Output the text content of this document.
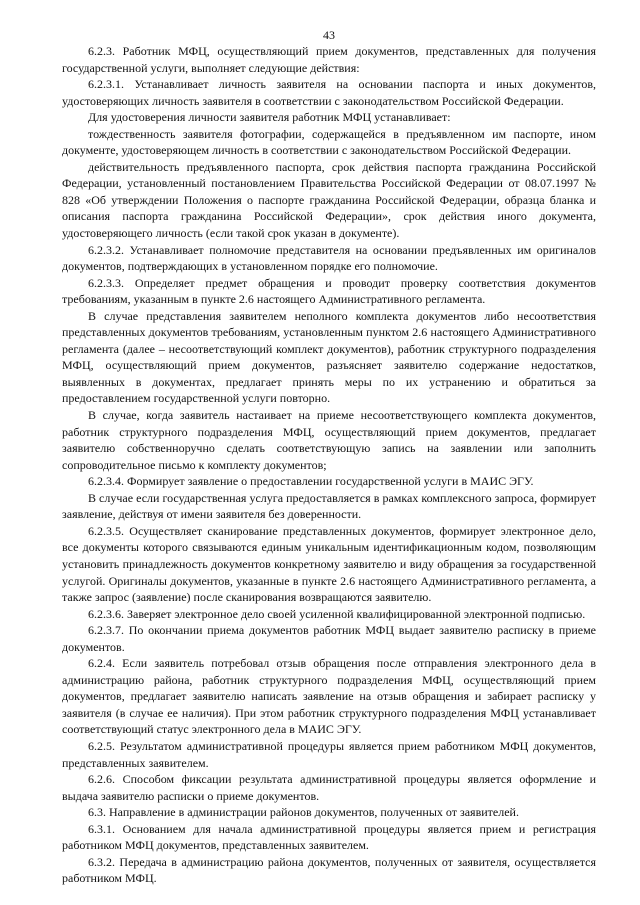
43

6.2.3. Работник МФЦ, осуществляющий прием документов, представленных для получения государственной услуги, выполняет следующие действия:

6.2.3.1. Устанавливает личность заявителя на основании паспорта и иных документов, удостоверяющих личность заявителя в соответствии с законодательством Российской Федерации.

Для удостоверения личности заявителя работник МФЦ устанавливает:

тождественность заявителя фотографии, содержащейся в предъявленном им паспорте, ином документе, удостоверяющем личность в соответствии с законодательством Российской Федерации.

действительность предъявленного паспорта, срок действия паспорта гражданина Российской Федерации, установленный постановлением Правительства Российской Федерации от 08.07.1997 № 828 «Об утверждении Положения о паспорте гражданина Российской Федерации, образца бланка и описания паспорта гражданина Российской Федерации», срок действия иного документа, удостоверяющего личность (если такой срок указан в документе).

6.2.3.2. Устанавливает полномочие представителя на основании предъявленных им оригиналов документов, подтверждающих в установленном порядке его полномочие.

6.2.3.3. Определяет предмет обращения и проводит проверку соответствия документов требованиям, указанным в пункте 2.6 настоящего Административного регламента.

В случае представления заявителем неполного комплекта документов либо несоответствия представленных документов требованиям, установленным пунктом 2.6 настоящего Административного регламента (далее – несоответствующий комплект документов), работник структурного подразделения МФЦ, осуществляющий прием документов, разъясняет заявителю содержание недостатков, выявленных в документах, предлагает принять меры по их устранению и обратиться за предоставлением государственной услуги повторно.

В случае, когда заявитель настаивает на приеме несоответствующего комплекта документов, работник структурного подразделения МФЦ, осуществляющий прием документов, предлагает заявителю собственноручно сделать соответствующую запись на заявлении или заполнить сопроводительное письмо к комплекту документов;

6.2.3.4. Формирует заявление о предоставлении государственной услуги в МАИС ЭГУ.

В случае если государственная услуга предоставляется в рамках комплексного запроса, формирует заявление, действуя от имени заявителя без доверенности.

6.2.3.5. Осуществляет сканирование представленных документов, формирует электронное дело, все документы которого связываются единым уникальным идентификационным кодом, позволяющим установить принадлежность документов конкретному заявителю и виду обращения за государственной услугой. Оригиналы документов, указанные в пункте 2.6 настоящего Административного регламента, а также запрос (заявление) после сканирования возвращаются заявителю.

6.2.3.6. Заверяет электронное дело своей усиленной квалифицированной электронной подписью.

6.2.3.7. По окончании приема документов работник МФЦ выдает заявителю расписку в приеме документов.

6.2.4. Если заявитель потребовал отзыв обращения после отправления электронного дела в администрацию района, работник структурного подразделения МФЦ, осуществляющий прием документов, предлагает заявителю написать заявление на отзыв обращения и забирает расписку у заявителя (в случае ее наличия). При этом работник структурного подразделения МФЦ устанавливает соответствующий статус электронного дела в МАИС ЭГУ.

6.2.5. Результатом административной процедуры является прием работником МФЦ документов, представленных заявителем.

6.2.6. Способом фиксации результата административной процедуры является оформление и выдача заявителю расписки о приеме документов.

6.3. Направление в администрации районов документов, полученных от заявителей.

6.3.1. Основанием для начала административной процедуры является прием и регистрация работником МФЦ документов, представленных заявителем.

6.3.2. Передача в администрацию района документов, полученных от заявителя, осуществляется работником МФЦ.
